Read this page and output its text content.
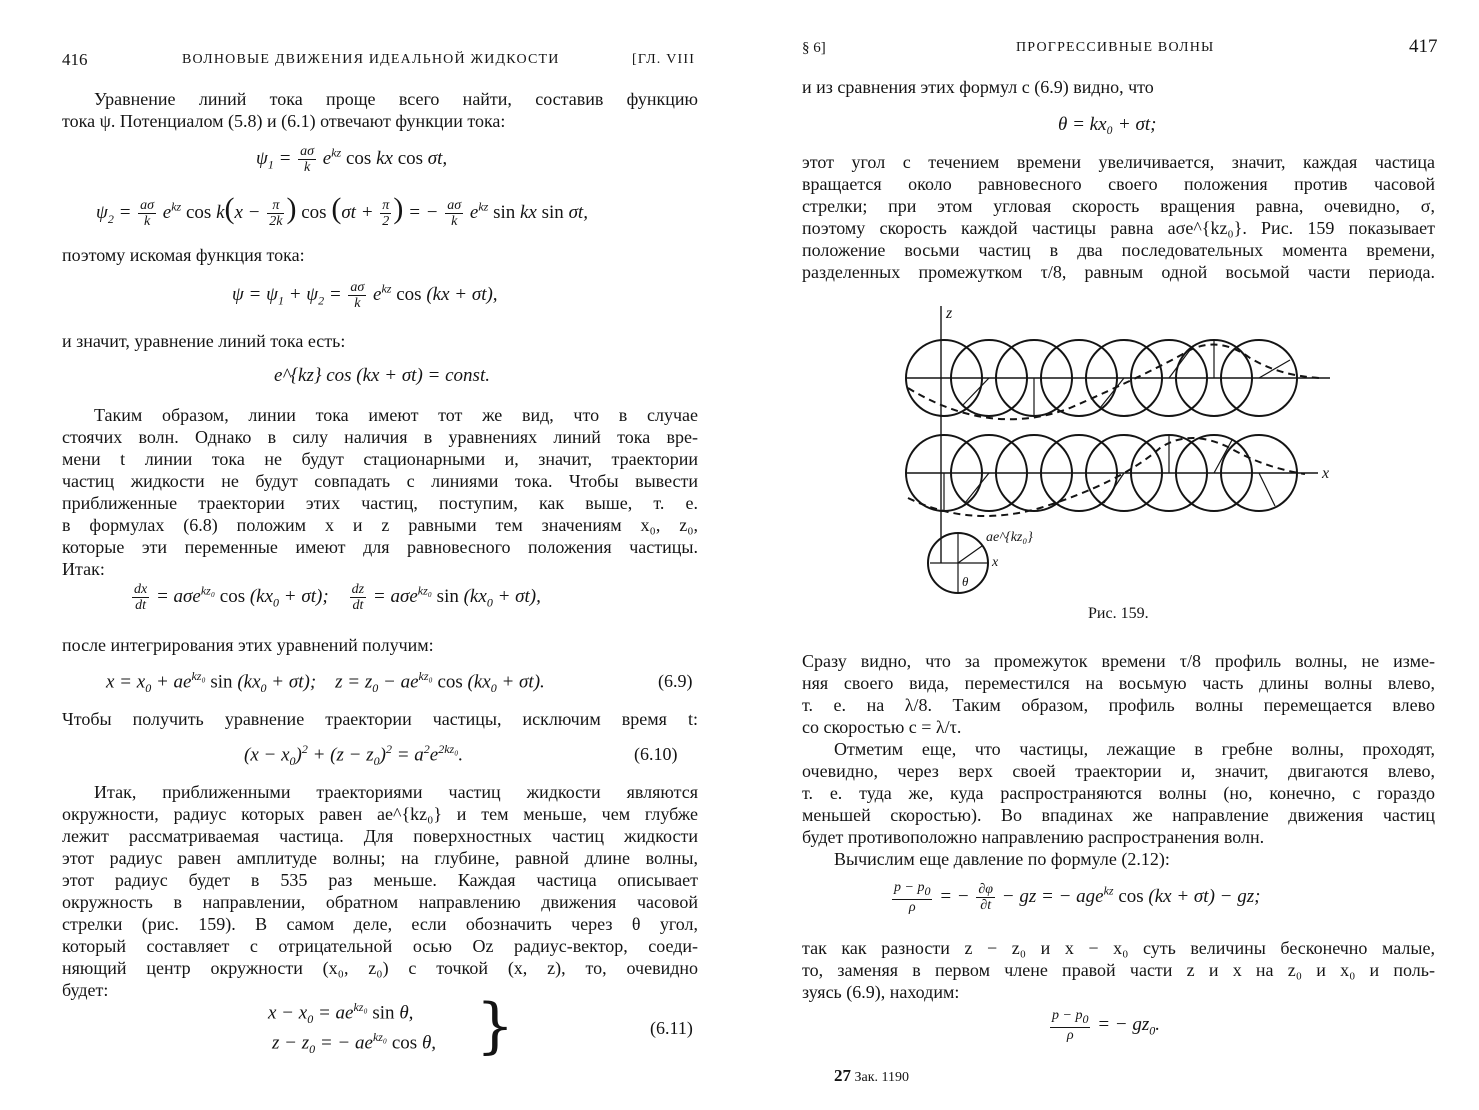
416	ВОЛНОВЫЕ ДВИЖЕНИЯ ИДЕАЛЬНОЙ ЖИДКОСТИ	[ГЛ. VIII
Уравнение линий тока проще всего найти, составив функцию
тока ψ. Потенциалом (5.8) и (6.1) отвечают функции тока:
$\psi_1 = \frac{a\sigma}{k} e^{kz}$ cos kx cos σt,
$\psi_2 = \frac{a\sigma}{k} e^{kz}$ $\cos k(x - \frac{\pi}{2k}$ ) $\cos (\sigma t + \frac{\pi}{2}$ ) = − $\frac{a\sigma}{k} e^{kz}$ sin kx sin σt,
поэтому искомая функция тока:
$\psi = \psi_1 + \psi_2 = \frac{a\sigma}{k} e^{kz}$ cos (kx + σt),
и значит, уравнение линий тока есть:
e^{kz} cos (kx + σt) = const.
Таким образом, линии тока имеют тот же вид, что в случае
стоячих волн. Однако в силу наличия в уравнениях линий тока вре-
мени t линии тока не будут стационарными и, значит, траектории
частиц жидкости не будут совпадать с линиями тока. Чтобы вывести
приближенные траектории этих частиц, поступим, как выше, т. е.
в формулах (6.8) положим x и z равными тем значениям x₀, z₀,
которые эти переменные имеют для равновесного положения частицы.
Итак:
$\frac{dx}{dt} = a\sigma e^{kz_0}$ $\cos (kx_0 + \sigma t)$; $\frac{dz}{dt} = a\sigma e^{kz_0}$ $\sin (kx_0 + \sigma t)$,
после интегрирования этих уравнений получим:
$x = x_0 + ae^{kz_0}$ $\sin (kx_0 + \sigma t)$;    $z = z_0 - ae^{kz_0}$ $\cos (kx_0 + \sigma t)$.	(6.9)
Чтобы получить уравнение траектории частицы, исключим время t:
$(x - x_0)^2 + (z - z_0)^2 = a^2e^{2kz_0}$.	(6.10)
Итак, приближенными траекториями частиц жидкости являются
окружности, радиус которых равен ae^{kz₀} и тем меньше, чем глубже
лежит рассматриваемая частица. Для поверхностных частиц жидкости
этот радиус равен амплитуде волны; на глубине, равной длине волны,
этот радиус будет в 535 раз меньше. Каждая частица описывает
окружность в направлении, обратном направлению движения часовой
стрелки (рис. 159). В самом деле, если обозначить через θ угол,
который составляет с отрицательной осью Oz радиус-вектор, соеди-
няющий центр окружности (x₀, z₀) с точкой (x, z), то, очевидно
будет:
$x - x_0 = ae^{kz_0}$ sin θ,
$z - z_0$ = − $ae^{kz_0}$ cos θ, }	(6.11)
§ 6]	ПРОГРЕССИВНЫЕ ВОЛНЫ	417
и из сравнения этих формул с (6.9) видно, что
θ = kx₀ + σt;
этот угол с течением времени увеличивается, значит, каждая частица
вращается около равновесного своего положения против часовой
стрелки; при этом угловая скорость вращения равна, очевидно, σ,
поэтому скорость каждой частицы равна aσe^{kz₀}. Рис. 159 показывает
положение восьми частиц в два последовательных момента времени,
разделенных промежутком τ/8, равным одной восьмой части периода.
z
x
ae^{kz₀}
x
θ
Рис. 159.
Сразу видно, что за промежуток времени τ/8 профиль волны, не изме-
няя своего вида, переместился на восьмую часть длины волны влево,
т. е. на λ/8. Таким образом, профиль волны перемещается влево
со скоростью c = λ/τ.
Отметим еще, что частицы, лежащие в гребне волны, проходят,
очевидно, через верх своей траектории и, значит, двигаются влево,
т. е. туда же, куда распространяются волны (но, конечно, с гораздо
меньшей скоростью). Во впадинах же направление движения частиц
будет противоположно направлению распространения волн.
Вычислим еще давление по формуле (2.12):
$\frac{p - p_0}{\rho}$ = − $\frac{\partial\varphi}{\partial t}$ − gz = − age$^{kz}$ cos (kx + σt) − gz;
так как разности z − z₀ и x − x₀ суть величины бесконечно малые,
то, заменяя в первом члене правой части z и x на z₀ и x₀ и поль-
зуясь (6.9), находим:
$\frac{p - p_0}{\rho}$ = − $gz_0$.
27 Зак. 1190
